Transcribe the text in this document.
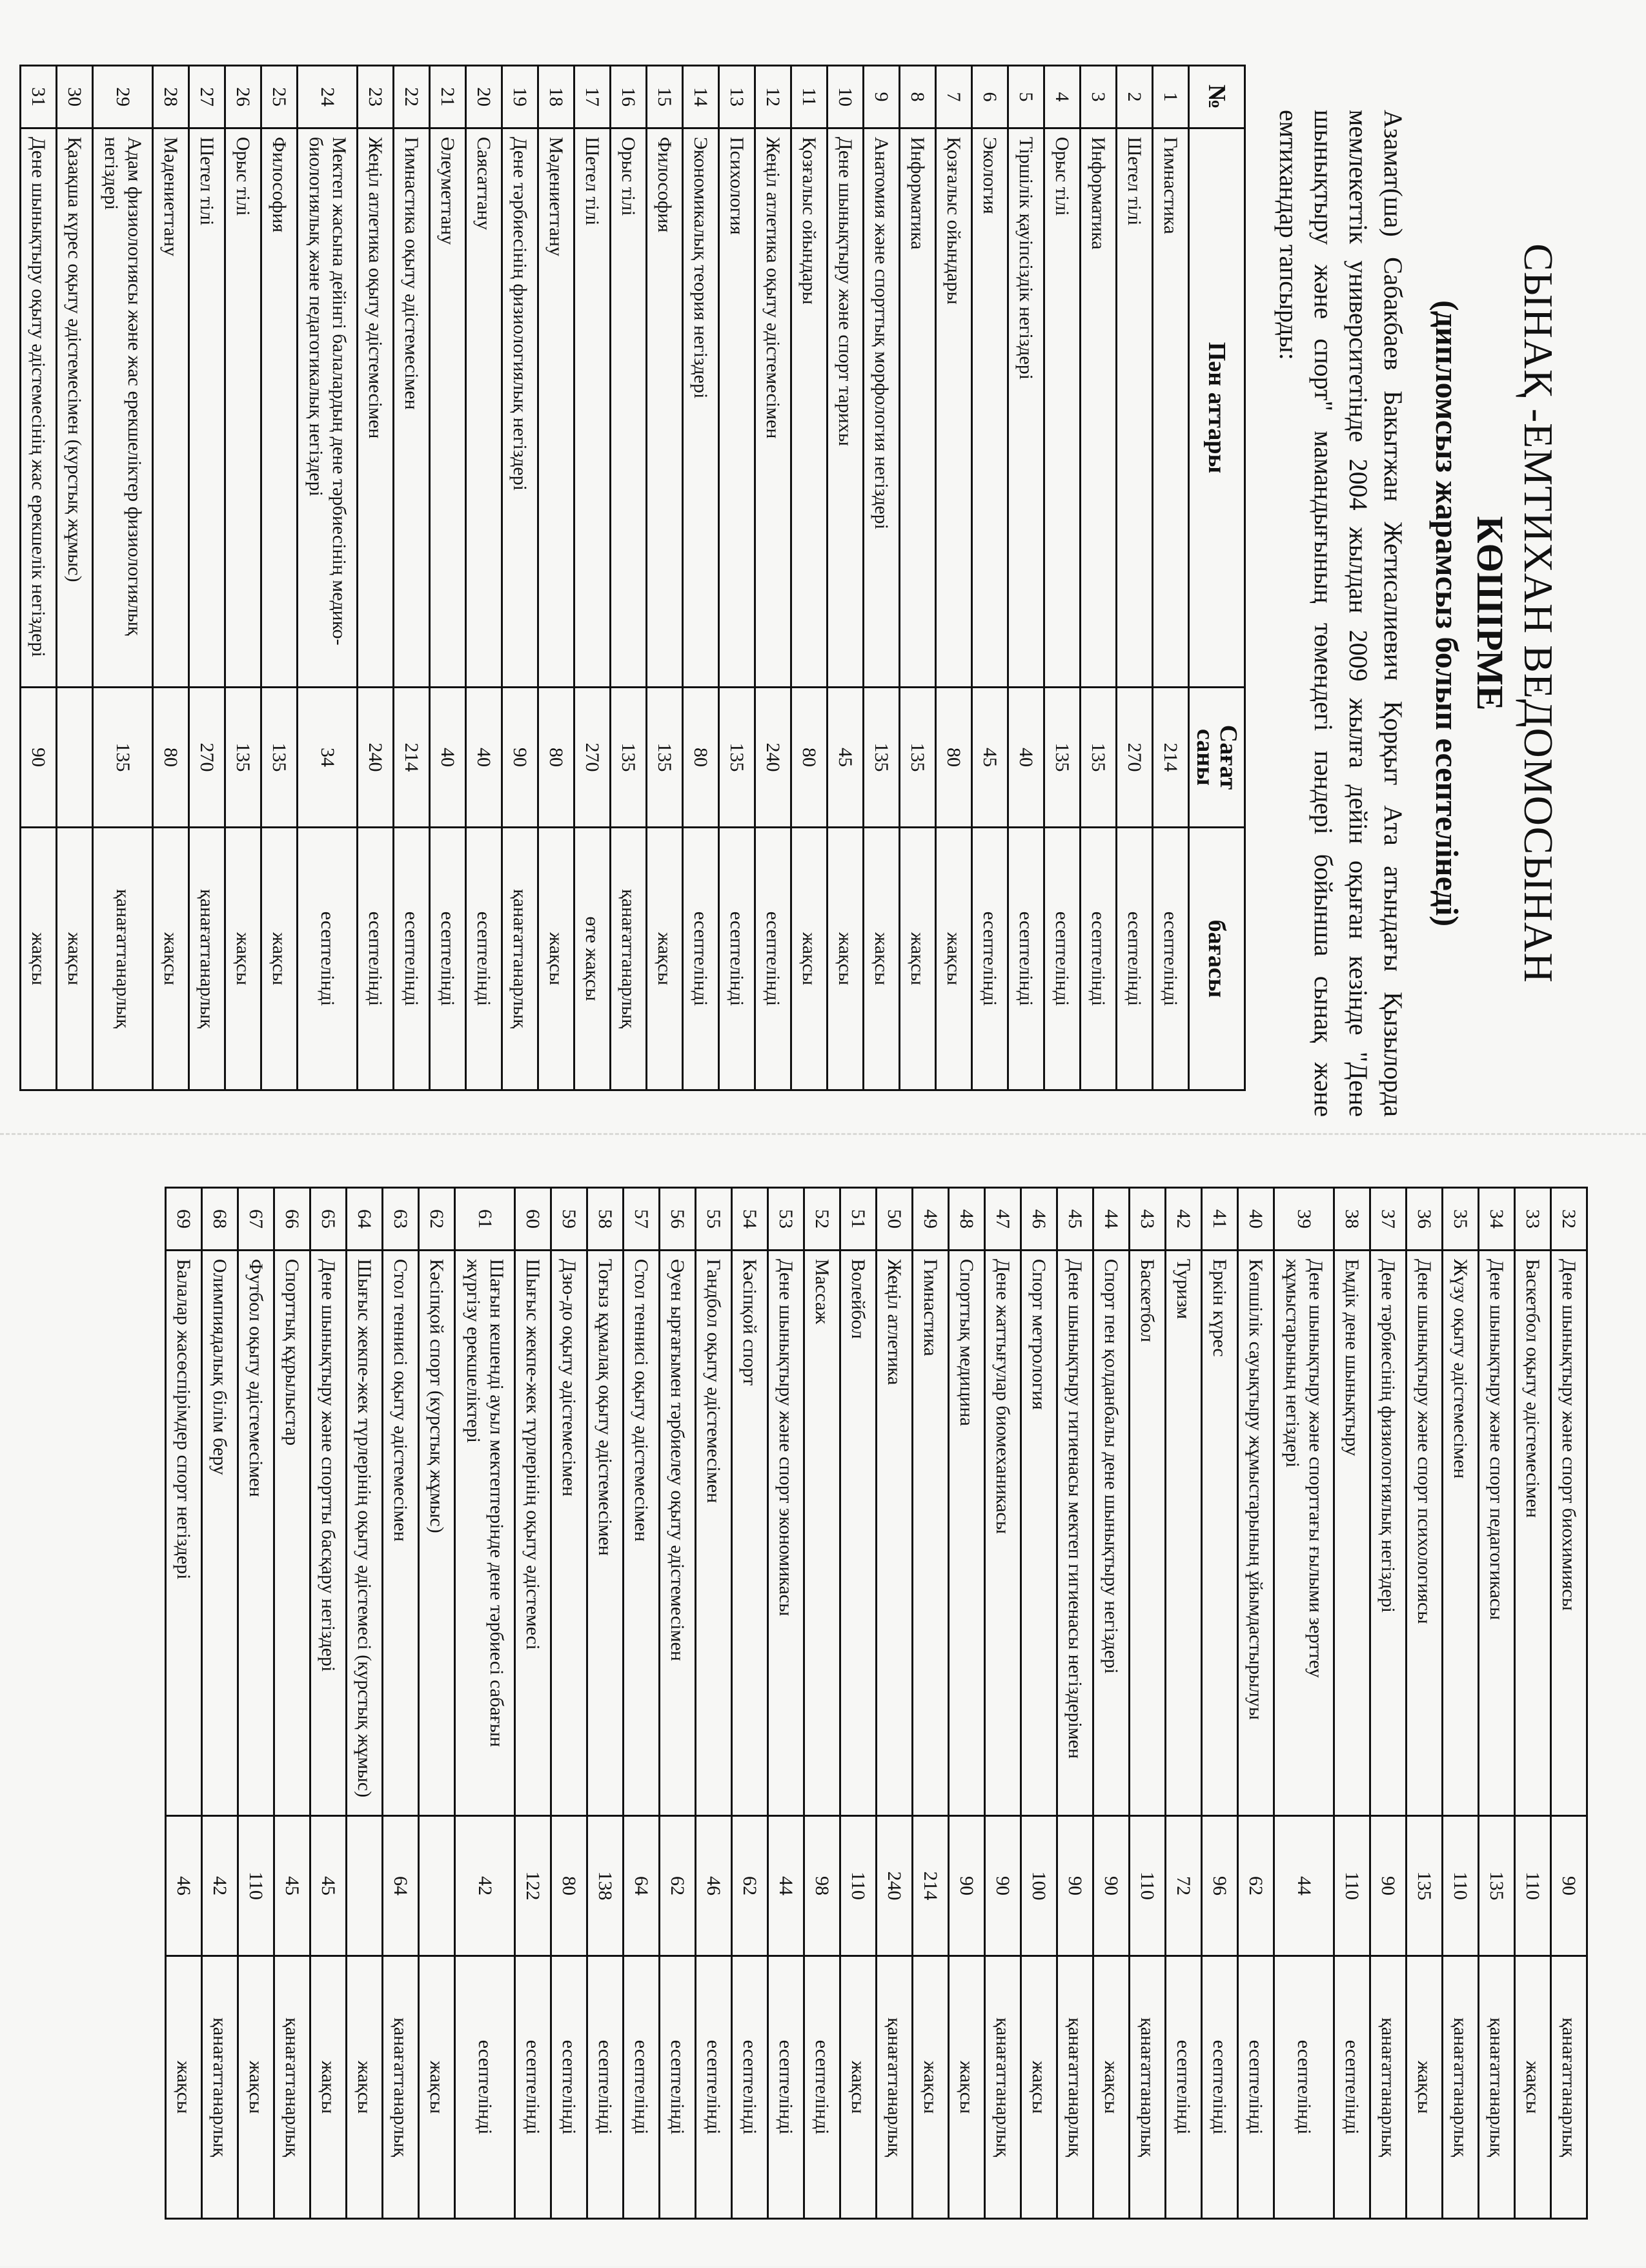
СЫНАҚ -ЕМТИХАН ВЕДОМОСЫНАН
КӨШІРМЕ
(дипломсыз жарамсыз болып есептелінеді)
Азамат(ша) Сабакбаев Бакытжан Жетисалиевич Қорқыт Ата атындағы Қызылорда мемлекеттік университетінде 2004 жылдан 2009 жылға дейін оқыған кезінде "Дене шынықтыру және спорт" мамандығының төмендегі пәндері бойынша сынақ және емтихандар тапсырды:
№	Пән аттары	Сағат саны	бағасы
1	Гимнастика	214	есептелінді
2	Шетел тілі	270	есептелінді
3	Информатика	135	есептелінді
4	Орыс тілі	135	есептелінді
5	Тіршілік қауіпсіздік негіздері	40	есептелінді
6	Экология	45	есептелінді
7	Қозғалыс ойындары	80	жақсы
8	Информатика	135	жақсы
9	Анатомия және спорттық морфология негіздері	135	жақсы
10	Дене шынықтыру және спорт тарихы	45	жақсы
11	Қозғалыс ойындары	80	жақсы
12	Жеңіл атлетика оқыту әдістемесімен	240	есептелінді
13	Психология	135	есептелінді
14	Экономикалық теория негіздері	80	есептелінді
15	Философия	135	жақсы
16	Орыс тілі	135	қанағаттанарлық
17	Шетел тілі	270	өте жақсы
18	Мәдениеттану	80	жақсы
19	Дене тәрбиесінің физиологиялық негіздері	90	қанағаттанарлық
20	Саясаттану	40	есептелінді
21	Әлеуметтану	40	есептелінді
22	Гимнастика оқыту әдістемесімен	214	есептелінді
23	Жеңіл атлетика оқыту әдістемесімен	240	есептелінді
24	Мектеп жасына дейінгі балалардың дене тәрбиесінің медико-биологиялық және педагогикалық негіздері	34	есептелінді
25	Философия	135	жақсы
26	Орыс тілі	135	жақсы
27	Шетел тілі	270	қанағаттанарлық
28	Мәдениеттану	80	жақсы
29	Адам физиологиясы және жас ерекшеліктер физиологиялық негіздері	135	қанағаттанарлық
30	Қазақша күрес оқыту әдістемесімен (курстық жұмыс)		жақсы
31	Дене шынықтыру оқыту әдістемесінің жас ерекшелік негіздері	90	жақсы
32	Дене шынықтыру және спорт биохимиясы	90	қанағаттанарлық
33	Баскетбол оқыту әдістемесімен	110	жақсы
34	Дене шынықтыру және спорт педагогикасы	135	қанағаттанарлық
35	Жүзу оқыту әдістемесімен	110	қанағаттанарлық
36	Дене шынықтыру және спорт психологиясы	135	жақсы
37	Дене тәрбиесінің физиологиялық негіздері	90	қанағаттанарлық
38	Емдік дене шынықтыру	110	есептелінді
39	Дене шынықтыру және спорттағы ғылыми зерттеу жұмыстарының негіздері	44	есептелінді
40	Көпшілік сауықтыру жұмыстарының ұйымдастырылуы	62	есептелінді
41	Еркін күрес	96	есептелінді
42	Туризм	72	есептелінді
43	Баскетбол	110	қанағаттанарлық
44	Спорт пен қолданбалы дене шынықтыру негіздері	90	жақсы
45	Дене шынықтыру гигиенасы мектеп гигиенасы негіздерімен	90	қанағаттанарлық
46	Спорт метрология	100	жақсы
47	Дене жаттығулар биомеханикасы	90	қанағаттанарлық
48	Спорттық медицина	90	жақсы
49	Гимнастика	214	жақсы
50	Жеңіл атлетика	240	қанағаттанарлық
51	Волейбол	110	жақсы
52	Массаж	98	есептелінді
53	Дене шынықтыру және спорт экономикасы	44	есептелінді
54	Кәсіпқой спорт	62	есептелінді
55	Гандбол оқыту әдістемесімен	46	есептелінді
56	Әуен ырғағымен тәрбиелеу оқыту әдістемесімен	62	есептелінді
57	Стол теннисі оқыту әдістемесімен	64	есептелінді
58	Тоғыз құмалақ оқыту әдістемесімен	138	есептелінді
59	Дзю-до оқыту әдістемесімен	80	есептелінді
60	Шығыс жекпе-жек түрлерінің оқыту әдістемесі	122	есептелінді
61	Шағын кешенді ауыл мектептерінде дене тәрбиесі сабағын жүргізу ерекшеліктері	42	есептелінді
62	Кәсіпқой спорт (курстық жұмыс)		жақсы
63	Стол теннисі оқыту әдістемесімен	64	қанағаттанарлық
64	Шығыс жекпе-жек түрлерінің оқыту әдістемесі (курстық жұмыс)		жақсы
65	Дене шынықтыру және спортты басқару негіздері	45	жақсы
66	Спорттық құрылыстар	45	қанағаттанарлық
67	Футбол оқыту әдістемесімен	110	жақсы
68	Олимпиядалық білім беру	42	қанағаттанарлық
69	Балалар жасөспірімдер спорт негіздері	46	жақсы
